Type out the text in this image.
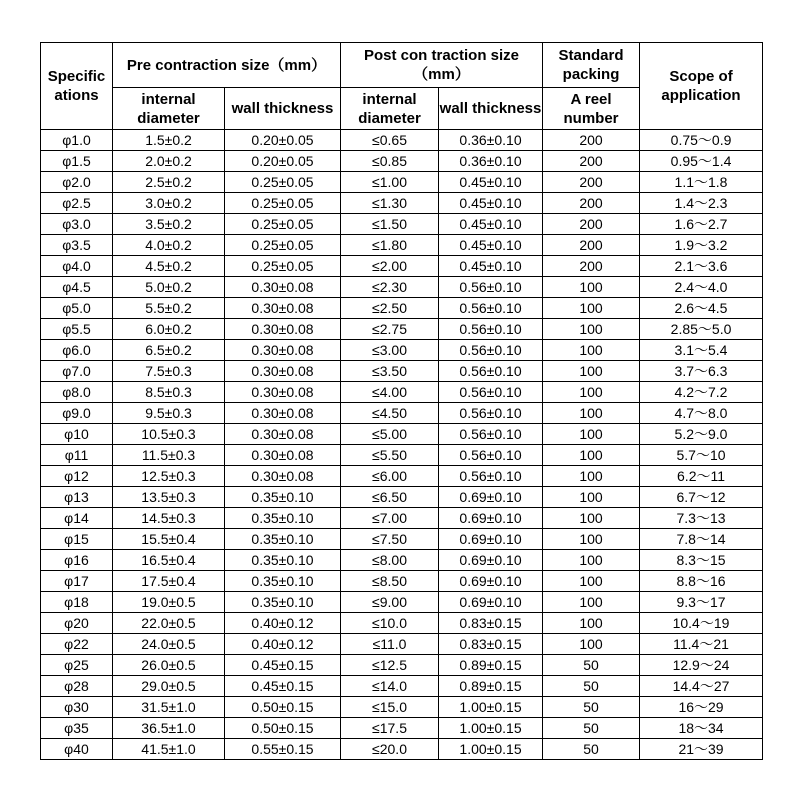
Specific ations	Pre contraction size（mm）		Post con traction size（mm）		Standard packing	Scope of application
	internal diameter	wall thickness	internal diameter	wall thickness	A reel number	
φ1.0	1.5±0.2	0.20±0.05	≤0.65	0.36±0.10	200	0.75～0.9
φ1.5	2.0±0.2	0.20±0.05	≤0.85	0.36±0.10	200	0.95～1.4
φ2.0	2.5±0.2	0.25±0.05	≤1.00	0.45±0.10	200	1.1～1.8
φ2.5	3.0±0.2	0.25±0.05	≤1.30	0.45±0.10	200	1.4～2.3
φ3.0	3.5±0.2	0.25±0.05	≤1.50	0.45±0.10	200	1.6～2.7
φ3.5	4.0±0.2	0.25±0.05	≤1.80	0.45±0.10	200	1.9～3.2
φ4.0	4.5±0.2	0.25±0.05	≤2.00	0.45±0.10	200	2.1～3.6
φ4.5	5.0±0.2	0.30±0.08	≤2.30	0.56±0.10	100	2.4～4.0
φ5.0	5.5±0.2	0.30±0.08	≤2.50	0.56±0.10	100	2.6～4.5
φ5.5	6.0±0.2	0.30±0.08	≤2.75	0.56±0.10	100	2.85～5.0
φ6.0	6.5±0.2	0.30±0.08	≤3.00	0.56±0.10	100	3.1～5.4
φ7.0	7.5±0.3	0.30±0.08	≤3.50	0.56±0.10	100	3.7～6.3
φ8.0	8.5±0.3	0.30±0.08	≤4.00	0.56±0.10	100	4.2～7.2
φ9.0	9.5±0.3	0.30±0.08	≤4.50	0.56±0.10	100	4.7～8.0
φ10	10.5±0.3	0.30±0.08	≤5.00	0.56±0.10	100	5.2～9.0
φ11	11.5±0.3	0.30±0.08	≤5.50	0.56±0.10	100	5.7～10
φ12	12.5±0.3	0.30±0.08	≤6.00	0.56±0.10	100	6.2～11
φ13	13.5±0.3	0.35±0.10	≤6.50	0.69±0.10	100	6.7～12
φ14	14.5±0.3	0.35±0.10	≤7.00	0.69±0.10	100	7.3～13
φ15	15.5±0.4	0.35±0.10	≤7.50	0.69±0.10	100	7.8～14
φ16	16.5±0.4	0.35±0.10	≤8.00	0.69±0.10	100	8.3～15
φ17	17.5±0.4	0.35±0.10	≤8.50	0.69±0.10	100	8.8～16
φ18	19.0±0.5	0.35±0.10	≤9.00	0.69±0.10	100	9.3～17
φ20	22.0±0.5	0.40±0.12	≤10.0	0.83±0.15	100	10.4～19
φ22	24.0±0.5	0.40±0.12	≤11.0	0.83±0.15	100	11.4～21
φ25	26.0±0.5	0.45±0.15	≤12.5	0.89±0.15	50	12.9～24
φ28	29.0±0.5	0.45±0.15	≤14.0	0.89±0.15	50	14.4～27
φ30	31.5±1.0	0.50±0.15	≤15.0	1.00±0.15	50	16～29
φ35	36.5±1.0	0.50±0.15	≤17.5	1.00±0.15	50	18～34
φ40	41.5±1.0	0.55±0.15	≤20.0	1.00±0.15	50	21～39
